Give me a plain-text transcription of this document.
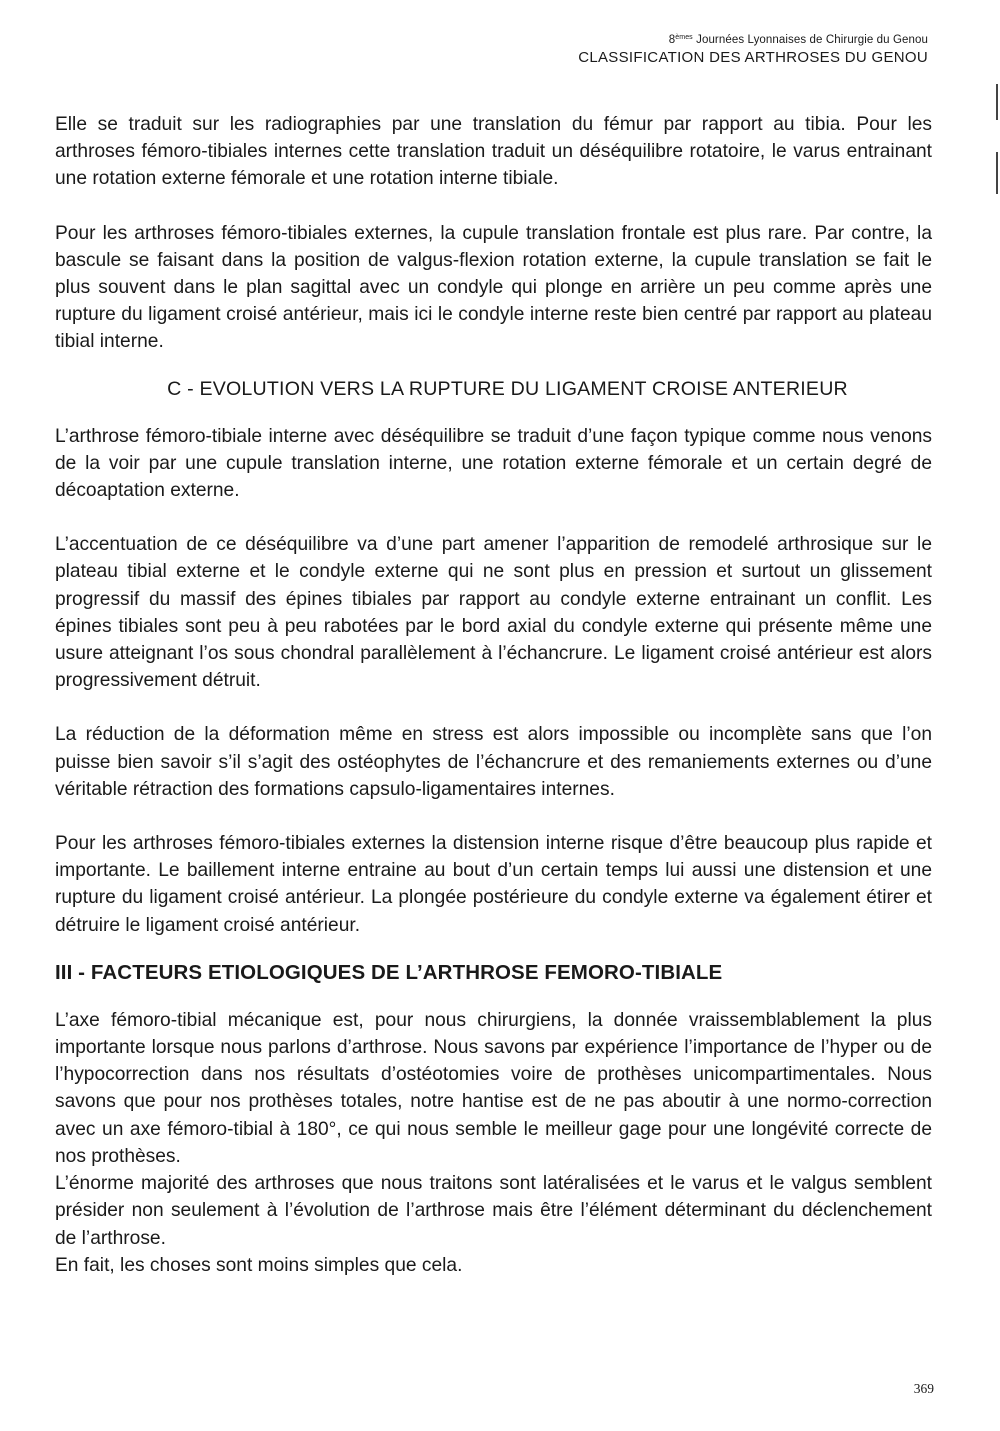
8èmes Journées Lyonnaises de Chirurgie du Genou
CLASSIFICATION DES ARTHROSES DU GENOU

Elle se traduit sur les radiographies par une translation du fémur par rapport au tibia. Pour les arthroses fémoro-tibiales internes cette translation traduit un déséquilibre rotatoire, le varus entrainant une rotation externe fémorale et une rotation interne tibiale.

Pour les arthroses fémoro-tibiales externes, la cupule translation frontale est plus rare. Par contre, la bascule se faisant dans la position de valgus-flexion rotation externe, la cupule translation se fait le plus souvent dans le plan sagittal avec un condyle qui plonge en arrière un peu comme après une rupture du ligament croisé antérieur, mais ici le condyle interne reste bien centré par rapport au plateau tibial interne.

C - EVOLUTION VERS LA RUPTURE DU LIGAMENT CROISE ANTERIEUR

L’arthrose fémoro-tibiale interne avec déséquilibre se traduit d’une façon typique comme nous venons de la voir par une cupule translation interne, une rotation externe fémorale et un certain degré de décoaptation externe.

L’accentuation de ce déséquilibre va d’une part amener l’apparition de remodelé arthrosique sur le plateau tibial externe et le condyle externe qui ne sont plus en pression et surtout un glissement progressif du massif des épines tibiales par rapport au condyle externe entrainant un conflit. Les épines tibiales sont peu à peu rabotées par le bord axial du condyle externe qui présente même une usure atteignant l’os sous chondral parallèlement à l’échancrure. Le ligament croisé antérieur est alors progressivement détruit.

La réduction de la déformation même en stress est alors impossible ou incomplète sans que l’on puisse bien savoir s’il s’agit des ostéophytes de l’échancrure et des remaniements externes ou d’une véritable rétraction des formations capsulo-ligamentaires internes.

Pour les arthroses fémoro-tibiales externes la distension interne risque d’être beaucoup plus rapide et importante. Le baillement interne entraine au bout d’un certain temps lui aussi une distension et une rupture du ligament croisé antérieur. La plongée postérieure du condyle externe va également étirer et détruire le ligament croisé antérieur.

III - FACTEURS ETIOLOGIQUES DE L’ARTHROSE FEMORO-TIBIALE

L’axe fémoro-tibial mécanique est, pour nous chirurgiens, la donnée vraissemblablement la plus importante lorsque nous parlons d’arthrose. Nous savons par expérience l’importance de l’hyper ou de l’hypocorrection dans nos résultats d’ostéotomies voire de prothèses unicompartimentales. Nous savons que pour nos prothèses totales, notre hantise est de ne pas aboutir à une normo-correction avec un axe fémoro-tibial à 180°, ce qui nous semble le meilleur gage pour une longévité correcte de nos prothèses.

L’énorme majorité des arthroses que nous traitons sont latéralisées et le varus et le valgus semblent présider non seulement à l’évolution de l’arthrose mais être l’élément déterminant du déclenchement de l’arthrose.

En fait, les choses sont moins simples que cela.

369
